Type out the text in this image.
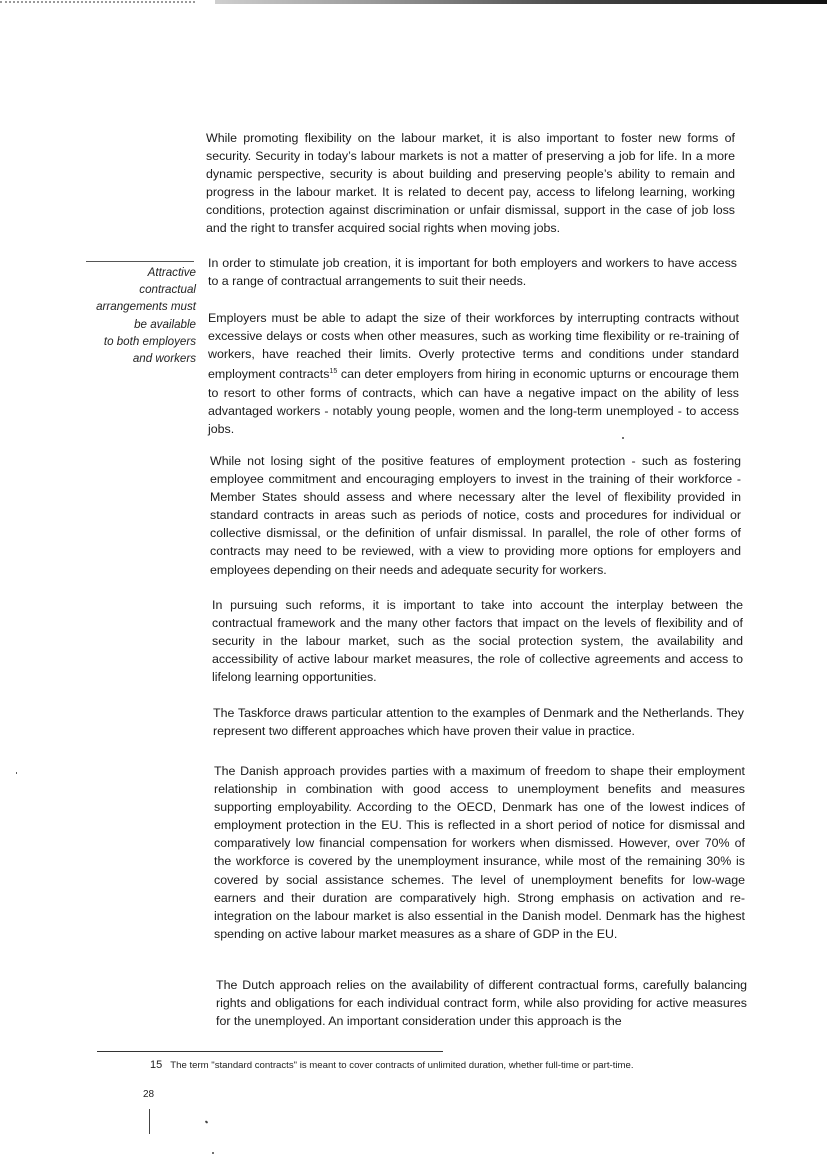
Attractive
contractual
arrangements must
be available
to both employers
and workers

While promoting flexibility on the labour market, it is also important to foster new forms of security. Security in today’s labour markets is not a matter of preserving a job for life. In a more dynamic perspective, security is about building and preserving people’s ability to remain and progress in the labour market. It is related to decent pay, access to lifelong learning, working conditions, protection against discrimination or unfair dismissal, support in the case of job loss and the right to transfer acquired social rights when moving jobs.

In order to stimulate job creation, it is important for both employers and workers to have access to a range of contractual arrangements to suit their needs.

Employers must be able to adapt the size of their workforces by interrupting contracts without excessive delays or costs when other measures, such as working time flexibility or re-training of workers, have reached their limits. Overly protective terms and conditions under standard employment contracts$^{15}$ can deter employers from hiring in economic upturns or encourage them to resort to other forms of contracts, which can have a negative impact on the ability of less advantaged workers - notably young people, women and the long-term unemployed - to access jobs.

While not losing sight of the positive features of employment protection - such as fostering employee commitment and encouraging employers to invest in the training of their workforce - Member States should assess and where necessary alter the level of flexibility provided in standard contracts in areas such as periods of notice, costs and procedures for individual or collective dismissal, or the definition of unfair dismissal. In parallel, the role of other forms of contracts may need to be reviewed, with a view to providing more options for employers and employees depending on their needs and adequate security for workers.

In pursuing such reforms, it is important to take into account the interplay between the contractual framework and the many other factors that impact on the levels of flexibility and of security in the labour market, such as the social protection system, the availability and accessibility of active labour market measures, the role of collective agreements and access to lifelong learning opportunities.

The Taskforce draws particular attention to the examples of Denmark and the Netherlands. They represent two different approaches which have proven their value in practice.

The Danish approach provides parties with a maximum of freedom to shape their employment relationship in combination with good access to unemployment benefits and measures supporting employability. According to the OECD, Denmark has one of the lowest indices of employment protection in the EU. This is reflected in a short period of notice for dismissal and comparatively low financial compensation for workers when dismissed. However, over 70% of the workforce is covered by the unemployment insurance, while most of the remaining 30% is covered by social assistance schemes. The level of unemployment benefits for low-wage earners and their duration are comparatively high. Strong emphasis on activation and re-integration on the labour market is also essential in the Danish model. Denmark has the highest spending on active labour market measures as a share of GDP in the EU.

The Dutch approach relies on the availability of different contractual forms, carefully balancing rights and obligations for each individual contract form, while also providing for active measures for the unemployed. An important consideration under this approach is the

15 The term "standard contracts" is meant to cover contracts of unlimited duration, whether full-time or part-time.
28
